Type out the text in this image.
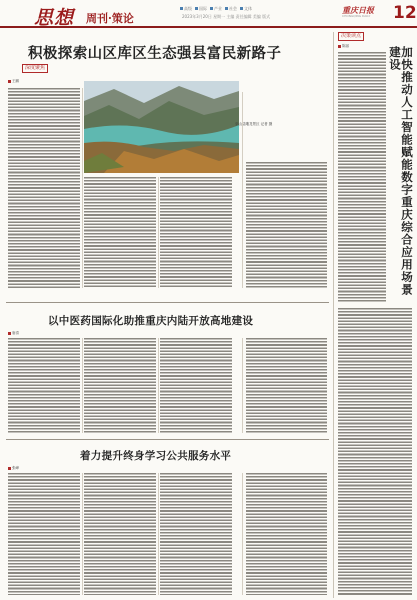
思想 周刊·策论
高级	国际	产业	社会	文体
2023年3月20日 星期一 主编 责任编辑 美编 版式
重庆日报
CHONGQING DAILY 12
积极探索山区库区生态强县富民新路子
深度聚焦
王鹏
巫山县雕龙景区 记者 摄
以中医药国际化助推重庆内陆开放高地建设
唐清
着力提升终身学习公共服务水平
张峰
决策读点
陈丽	加快推动人工智能赋能数字重庆综合应用场景建设
